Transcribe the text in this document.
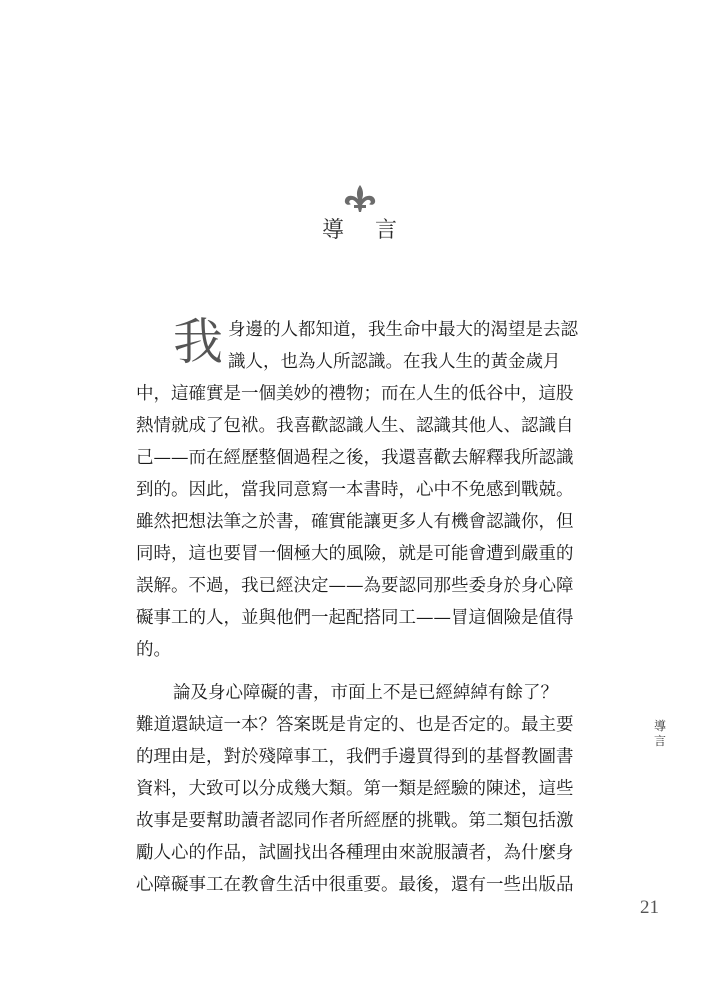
導 言
我 身邊的人都知道，我生命中最大的渴望是去認
識人，也為人所認識。在我人生的黃金歲月
中，這確實是一個美妙的禮物；而在人生的低谷中，這股
熱情就成了包袱。我喜歡認識人生、認識其他人、認識自
己——而在經歷整個過程之後，我還喜歡去解釋我所認識
到的。因此，當我同意寫一本書時，心中不免感到戰兢。
雖然把想法筆之於書，確實能讓更多人有機會認識你，但
同時，這也要冒一個極大的風險，就是可能會遭到嚴重的
誤解。不過，我已經決定——為要認同那些委身於身心障
礙事工的人，並與他們一起配搭同工——冒這個險是值得
的。
論及身心障礙的書，市面上不是已經綽綽有餘了？
難道還缺這一本？答案既是肯定的、也是否定的。最主要
的理由是，對於殘障事工，我們手邊買得到的基督教圖書
資料，大致可以分成幾大類。第一類是經驗的陳述，這些
故事是要幫助讀者認同作者所經歷的挑戰。第二類包括激
勵人心的作品，試圖找出各種理由來說服讀者，為什麼身
心障礙事工在教會生活中很重要。最後，還有一些出版品
導言
21
